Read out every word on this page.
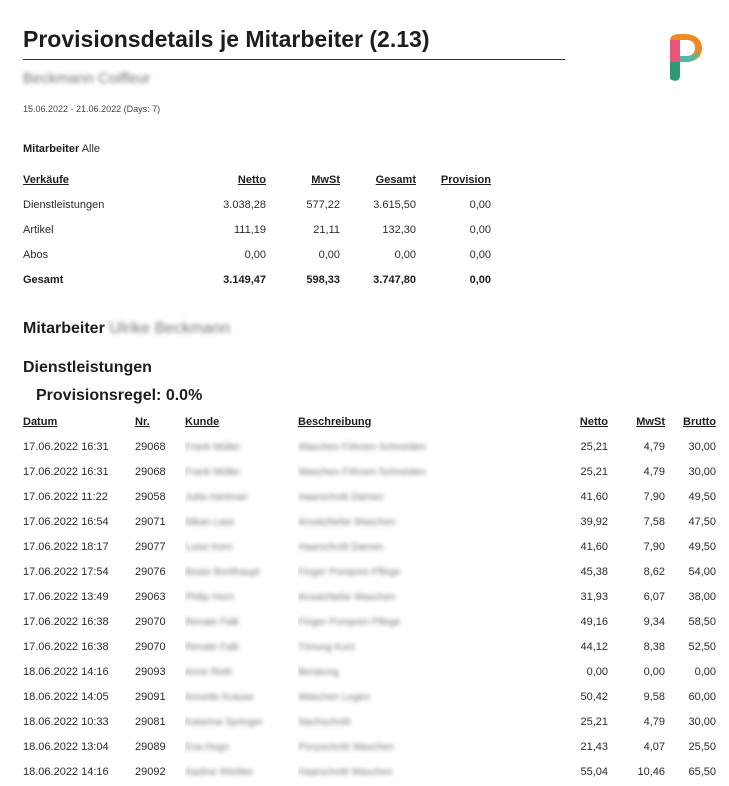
Provisionsdetails je Mitarbeiter (2.13)
Beckmann Coiffeur
15.06.2022 - 21.06.2022 (Days: 7)
Mitarbeiter Alle
Verkäufe	Netto	MwSt	Gesamt	Provision
Dienstleistungen	3.038,28	577,22	3.615,50	0,00
Artikel	111,19	21,11	132,30	0,00
Abos	0,00	0,00	0,00	0,00
Gesamt	3.149,47	598,33	3.747,80	0,00
Mitarbeiter Ulrike Beckmann
Dienstleistungen
Provisionsregel: 0.0%
Datum	Nr.	Kunde	Beschreibung	Netto	MwSt	Brutto
17.06.2022 16:31	29068	Frank Müller	Waschen Föhnen Schneiden	25,21	4,79	30,00
17.06.2022 16:31	29068	Frank Müller	Waschen Föhnen Schneiden	25,21	4,79	30,00
17.06.2022 11:22	29058	Jutta Hartman	Haarschnitt Damen	41,60	7,90	49,50
17.06.2022 16:54	29071	Nikan Lass	Ansatzfarbe Waschen	39,92	7,58	47,50
17.06.2022 18:17	29077	Luise Kern	Haarschnitt Damen	41,60	7,90	49,50
17.06.2022 17:54	29076	Beate Breithaupt	Finger Pompom Pflege	45,38	8,62	54,00
17.06.2022 13:49	29063	Philip Horn	Ansatzfarbe Waschen	31,93	6,07	38,00
17.06.2022 16:38	29070	Renate Falk	Finger Pompom Pflege	49,16	9,34	58,50
17.06.2022 16:38	29070	Renate Falk	Tönung Kurz	44,12	8,38	52,50
18.06.2022 14:16	29093	Anne Roth	Beratung	0,00	0,00	0,00
18.06.2022 14:05	29091	Annette Krause	Waschen Legen	50,42	9,58	60,00
18.06.2022 10:33	29081	Katarina Springer	Nachschnitt	25,21	4,79	30,00
18.06.2022 13:04	29089	Eva Hugo	Ponyschnitt Waschen	21,43	4,07	25,50
18.06.2022 14:16	29092	Nadine Wiebke	Haarschnitt Waschen	55,04	10,46	65,50
